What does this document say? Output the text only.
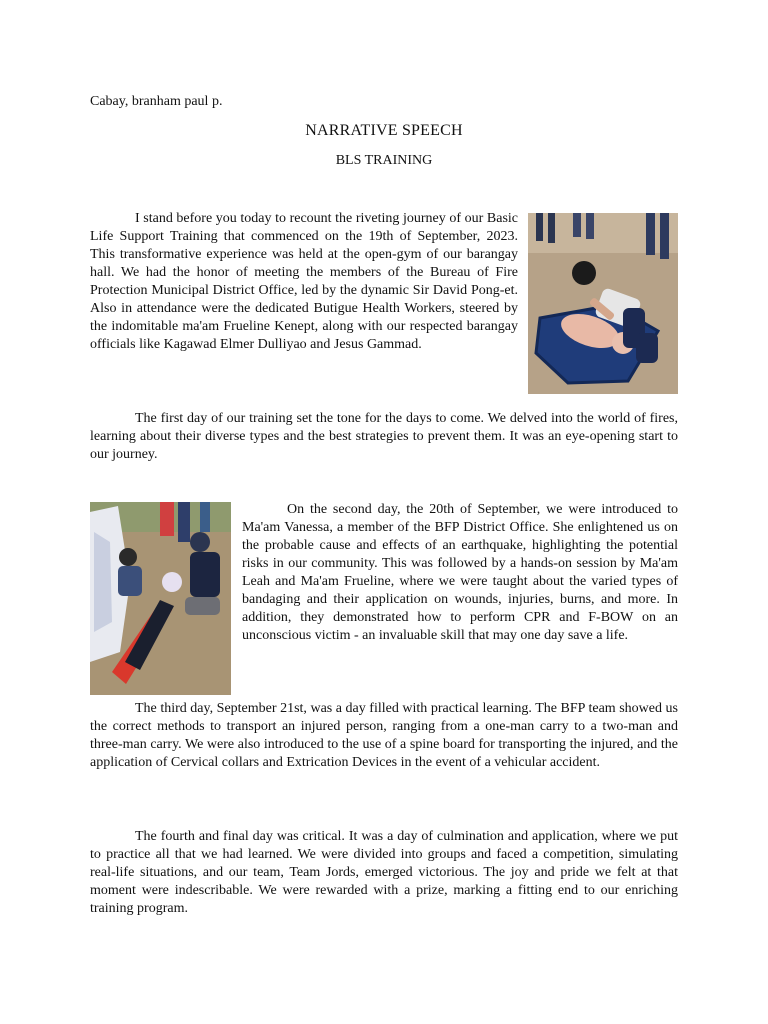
Cabay, branham paul p.
NARRATIVE SPEECH
BLS TRAINING

I stand before you today to recount the riveting journey of our Basic Life Support Training that commenced on the 19th of September, 2023. This transformative experience was held at the open-gym of our barangay hall. We had the honor of meeting the members of the Bureau of Fire Protection Municipal District Office, led by the dynamic Sir David Pong-et. Also in attendance were the dedicated Butigue Health Workers, steered by the indomitable ma'am Frueline Kenept, along with our respected barangay officials like Kagawad Elmer Dulliyao and Jesus Gammad.

The first day of our training set the tone for the days to come. We delved into the world of fires, learning about their diverse types and the best strategies to prevent them. It was an eye-opening start to our journey.

On the second day, the 20th of September, we were introduced to Ma'am Vanessa, a member of the BFP District Office. She enlightened us on the probable cause and effects of an earthquake, highlighting the potential risks in our community. This was followed by a hands-on session by Ma'am Leah and Ma'am Frueline, where we were taught about the varied types of bandaging and their application on wounds, injuries, burns, and more. In addition, they demonstrated how to perform CPR and F-BOW on an unconscious victim - an invaluable skill that may one day save a life.

The third day, September 21st, was a day filled with practical learning. The BFP team showed us the correct methods to transport an injured person, ranging from a one-man carry to a two-man and three-man carry. We were also introduced to the use of a spine board for transporting the injured, and the application of Cervical collars and Extrication Devices in the event of a vehicular accident.

The fourth and final day was critical. It was a day of culmination and application, where we put to practice all that we had learned. We were divided into groups and faced a competition, simulating real-life situations, and our team, Team Jords, emerged victorious. The joy and pride we felt at that moment were indescribable. We were rewarded with a prize, marking a fitting end to our enriching training program.
